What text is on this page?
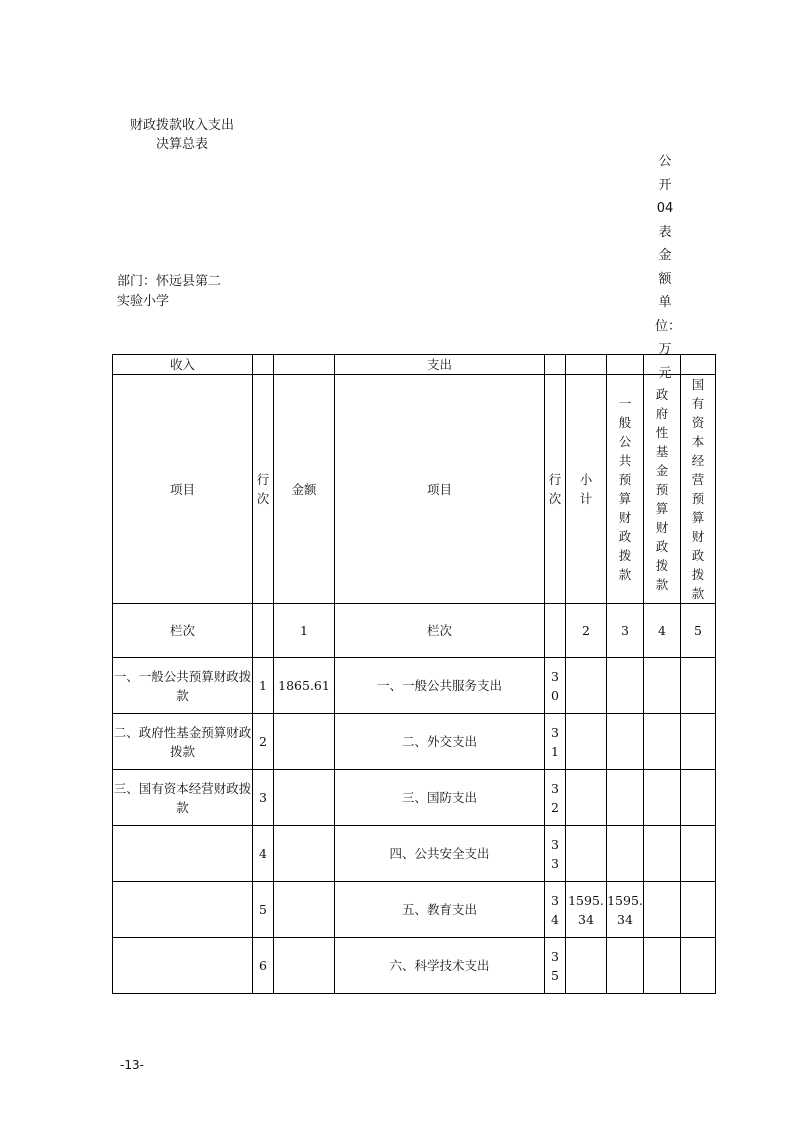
财政拨款收入支出
决算总表
公开04表金额单位：万元
部门：怀远县第二
实验小学
收入			支出					
项目	行次	金额	项目	行次	小计	一般公共预算财政拨款	政府性基金预算财政拨款	国有资本经营预算财政拨款
栏次		1	栏次		2	3	4	5
一、一般公共预算财政拨款	1	1865.61	一、一般公共服务支出	30				
二、政府性基金预算财政拨款	2		二、外交支出	31				
三、国有资本经营财政拨款	3		三、国防支出	32				
	4		四、公共安全支出	33				
	5		五、教育支出	34	1595.34	1595.34		
	6		六、科学技术支出	35				
-13-
